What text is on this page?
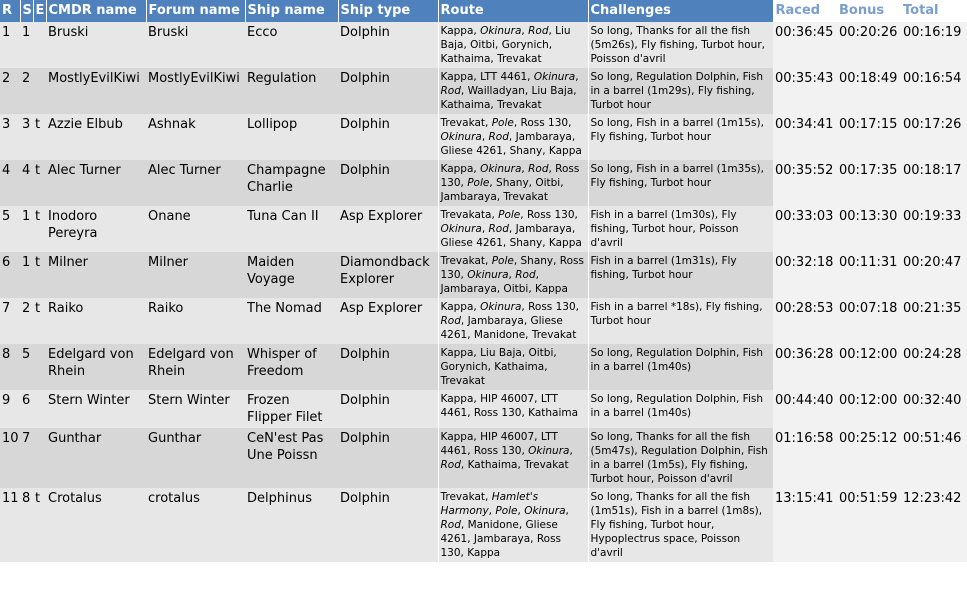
R	S	E	CMDR name	Forum name	Ship name	Ship type	Route	Challenges	Raced	Bonus	Total
1	1		Bruski	Bruski	Ecco	Dolphin	Kappa, Okinura, Rod, Liu Baja, Oitbi, Gorynich, Kathaima, Trevakat	So long, Thanks for all the fish (5m26s), Fly fishing, Turbot hour, Poisson d'avril	00:36:45	00:20:26	00:16:19
2	2		MostlyEvilKiwi	MostlyEvilKiwi	Regulation	Dolphin	Kappa, LTT 4461, Okinura, Rod, Wailladyan, Liu Baja, Kathaima, Trevakat	So long, Regulation Dolphin, Fish in a barrel (1m29s), Fly fishing, Turbot hour	00:35:43	00:18:49	00:16:54
3	3	t	Azzie Elbub	Ashnak	Lollipop	Dolphin	Trevakat, Pole, Ross 130, Okinura, Rod, Jambaraya, Gliese 4261, Shany, Kappa	So long, Fish in a barrel (1m15s), Fly fishing, Turbot hour	00:34:41	00:17:15	00:17:26
4	4	t	Alec Turner	Alec Turner	Champagne Charlie	Dolphin	Kappa, Okinura, Rod, Ross 130, Pole, Shany, Oitbi, Jambaraya, Trevakat	So long, Fish in a barrel (1m35s), Fly fishing, Turbot hour	00:35:52	00:17:35	00:18:17
5	1	t	Inodoro Pereyra	Onane	Tuna Can II	Asp Explorer	Trevakata, Pole, Ross 130, Okinura, Rod, Jambaraya, Gliese 4261, Shany, Kappa	Fish in a barrel (1m30s), Fly fishing, Turbot hour, Poisson d'avril	00:33:03	00:13:30	00:19:33
6	1	t	Milner	Milner	Maiden Voyage	Diamondback Explorer	Trevakat, Pole, Shany, Ross 130, Okinura, Rod, Jambaraya, Oitbi, Kappa	Fish in a barrel (1m31s), Fly fishing, Turbot hour	00:32:18	00:11:31	00:20:47
7	2	t	Raiko	Raiko	The Nomad	Asp Explorer	Kappa, Okinura, Ross 130, Rod, Jambaraya, Gliese 4261, Manidone, Trevakat	Fish in a barrel *18s), Fly fishing, Turbot hour	00:28:53	00:07:18	00:21:35
8	5		Edelgard von Rhein	Edelgard von Rhein	Whisper of Freedom	Dolphin	Kappa, Liu Baja, Oitbi, Gorynich, Kathaima, Trevakat	So long, Regulation Dolphin, Fish in a barrel (1m40s)	00:36:28	00:12:00	00:24:28
9	6		Stern Winter	Stern Winter	Frozen Flipper Filet	Dolphin	Kappa, HIP 46007, LTT 4461, Ross 130, Kathaima	So long, Regulation Dolphin, Fish in a barrel (1m40s)	00:44:40	00:12:00	00:32:40
10	7		Gunthar	Gunthar	CeN'est Pas Une Poissn	Dolphin	Kappa, HIP 46007, LTT 4461, Ross 130, Okinura, Rod, Kathaima, Trevakat	So long, Thanks for all the fish (5m47s), Regulation Dolphin, Fish in a barrel (1m5s), Fly fishing, Turbot hour, Poisson d'avril	01:16:58	00:25:12	00:51:46
11	8	t	Crotalus	crotalus	Delphinus	Dolphin	Trevakat, Hamlet's Harmony, Pole, Okinura, Rod, Manidone, Gliese 4261, Jambaraya, Ross 130, Kappa	So long, Thanks for all the fish (1m51s), Fish in a barrel (1m8s), Fly fishing, Turbot hour, Hypoplectrus space, Poisson d'avril	13:15:41	00:51:59	12:23:42
